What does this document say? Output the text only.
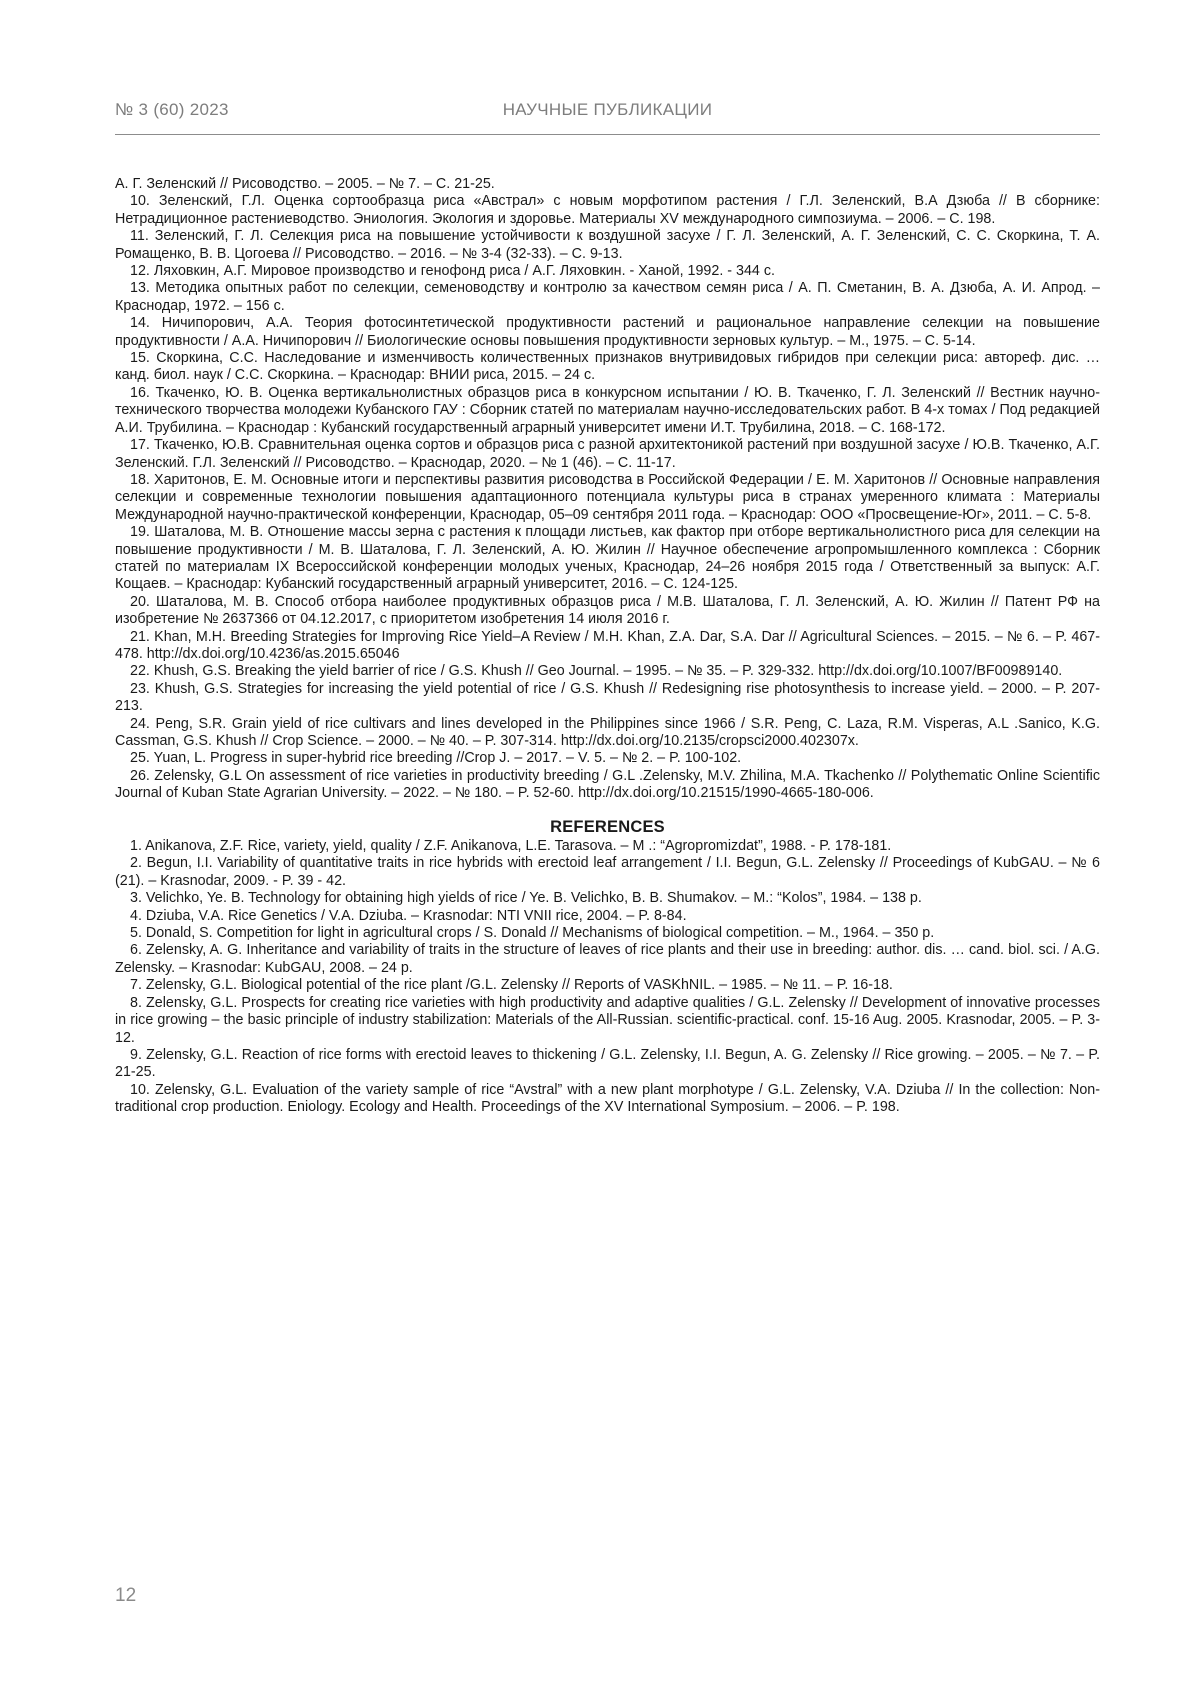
№ 3 (60) 2023	НАУЧНЫЕ ПУБЛИКАЦИИ

А. Г. Зеленский // Рисоводство. – 2005. – № 7. – С. 21-25.

10. Зеленский, Г.Л. Оценка сортообразца риса «Австрал» с новым морфотипом растения / Г.Л. Зеленский, В.А Дзюба // В сборнике: Нетрадиционное растениеводство. Эниология. Экология и здоровье. Материалы XV международного симпозиума. – 2006. – С. 198.

11. Зеленский, Г. Л. Селекция риса на повышение устойчивости к воздушной засухе / Г. Л. Зеленский, А. Г. Зеленский, С. С. Скоркина, Т. А. Ромащенко, В. В. Цогоева // Рисоводство. – 2016. – № 3-4 (32-33). – С. 9-13.

12. Ляховкин, А.Г. Мировое производство и генофонд риса / А.Г. Ляховкин. - Ханой, 1992. - 344 с.

13. Методика опытных работ по селекции, семеноводству и контролю за качеством семян риса / А. П. Сметанин, В. А. Дзюба, А. И. Апрод. – Краснодар, 1972. – 156 с.

14. Ничипорович, А.А. Теория фотосинтетической продуктивности растений и рациональное направление селекции на повышение продуктивности / А.А. Ничипорович // Биологические основы повышения продуктивности зерновых культур. – М., 1975. – С. 5-14.

15. Скоркина, С.С. Наследование и изменчивость количественных признаков внутривидовых гибридов при селекции риса: автореф. дис. … канд. биол. наук / С.С. Скоркина. – Краснодар: ВНИИ риса, 2015. – 24 с.

16. Ткаченко, Ю. В. Оценка вертикальнолистных образцов риса в конкурсном испытании / Ю. В. Ткаченко, Г. Л. Зеленский // Вестник научно-технического творчества молодежи Кубанского ГАУ : Сборник статей по материалам научно-исследовательских работ. В 4-х томах / Под редакцией А.И. Трубилина. – Краснодар : Кубанский государственный аграрный университет имени И.Т. Трубилина, 2018. – С. 168-172.

17. Ткаченко, Ю.В. Сравнительная оценка сортов и образцов риса с разной архитектоникой растений при воздушной засухе / Ю.В. Ткаченко, А.Г. Зеленский. Г.Л. Зеленский // Рисоводство. – Краснодар, 2020. – № 1 (46). – С. 11-17.

18. Харитонов, Е. М. Основные итоги и перспективы развития рисоводства в Российской Федерации / Е. М. Харитонов // Основные направления селекции и современные технологии повышения адаптационного потенциала культуры риса в странах умеренного климата : Материалы Международной научно-практической конференции, Краснодар, 05–09 сентября 2011 года. – Краснодар: ООО «Просвещение-Юг», 2011. – С. 5-8.

19. Шаталова, М. В. Отношение массы зерна с растения к площади листьев, как фактор при отборе вертикальнолистного риса для селекции на повышение продуктивности / М. В. Шаталова, Г. Л. Зеленский, А. Ю. Жилин // Научное обеспечение агропромышленного комплекса : Сборник статей по материалам IX Всероссийской конференции молодых ученых, Краснодар, 24–26 ноября 2015 года / Ответственный за выпуск: А.Г. Кощаев. – Краснодар: Кубанский государственный аграрный университет, 2016. – С. 124-125.

20. Шаталова, М. В. Способ отбора наиболее продуктивных образцов риса / М.В. Шаталова, Г. Л. Зеленский, А. Ю. Жилин // Патент РФ на изобретение № 2637366 от 04.12.2017, с приоритетом изобретения 14 июля 2016 г.

21. Khan, M.H. Breeding Strategies for Improving Rice Yield–A Review / M.H. Khan, Z.A. Dar, S.A. Dar // Agricultural Sciences. – 2015. – № 6. – P. 467-478. http://dx.doi.org/10.4236/as.2015.65046

22. Khush, G.S. Breaking the yield barrier of rice / G.S. Khush // Geo Journal. – 1995. – № 35. – P. 329-332. http://dx.doi.org/10.1007/BF00989140.

23. Khush, G.S. Strategies for increasing the yield potential of rice / G.S. Khush // Redesigning rise photosynthesis to increase yield. – 2000. – P. 207-213.

24. Peng, S.R. Grain yield of rice cultivars and lines developed in the Philippines since 1966 / S.R. Peng, C. Laza, R.M. Visperas, A.L .Sanico, K.G. Cassman, G.S. Khush // Crop Science. – 2000. – № 40. – P. 307-314. http://dx.doi.org/10.2135/cropsci2000.402307x.

25. Yuan, L. Progress in super-hybrid rice breeding //Crop J. – 2017. – V. 5. – № 2. – P. 100-102.

26. Zelensky, G.L On assessment of rice varieties in productivity breeding / G.L .Zelensky, M.V. Zhilina, M.A. Tkachenko // Polythematic Online Scientific Journal of Kuban State Agrarian University. – 2022. – № 180. – P. 52-60. http://dx.doi.org/10.21515/1990-4665-180-006.

REFERENCES

1. Anikanova, Z.F. Rice, variety, yield, quality / Z.F. Anikanova, L.E. Tarasova. – M .: “Agropromizdat”, 1988. - P. 178-181.

2. Begun, I.I. Variability of quantitative traits in rice hybrids with erectoid leaf arrangement / I.I. Begun, G.L. Zelensky // Proceedings of KubGAU. – № 6 (21). – Krasnodar, 2009. - P. 39 - 42.

3. Velichko, Ye. B. Technology for obtaining high yields of rice / Ye. B. Velichko, B. B. Shumakov. – M.: “Kolos”, 1984. – 138 p.

4. Dziuba, V.A. Rice Genetics / V.A. Dziuba. – Krasnodar: NTI VNII rice, 2004. – P. 8-84.

5. Donald, S. Competition for light in agricultural crops / S. Donald // Mechanisms of biological competition. – M., 1964. – 350 p.

6. Zelensky, A. G. Inheritance and variability of traits in the structure of leaves of rice plants and their use in breeding: author. dis. … cand. biol. sci. / A.G. Zelensky. – Krasnodar: KubGAU, 2008. – 24 p.

7. Zelensky, G.L. Biological potential of the rice plant /G.L. Zelensky // Reports of VASKhNIL. – 1985. – № 11. – P. 16-18.

8. Zelensky, G.L. Prospects for creating rice varieties with high productivity and adaptive qualities / G.L. Zelensky // Development of innovative processes in rice growing – the basic principle of industry stabilization: Materials of the All-Russian. scientific-practical. conf. 15-16 Aug. 2005. Krasnodar, 2005. – P. 3-12.

9. Zelensky, G.L. Reaction of rice forms with erectoid leaves to thickening / G.L. Zelensky, I.I. Begun, A. G. Zelensky // Rice growing. – 2005. – № 7. – P. 21-25.

10. Zelensky, G.L. Evaluation of the variety sample of rice “Avstral” with a new plant morphotype / G.L. Zelensky, V.A. Dziuba // In the collection: Non-traditional crop production. Eniology. Ecology and Health. Proceedings of the XV International Symposium. – 2006. – P. 198.

12
